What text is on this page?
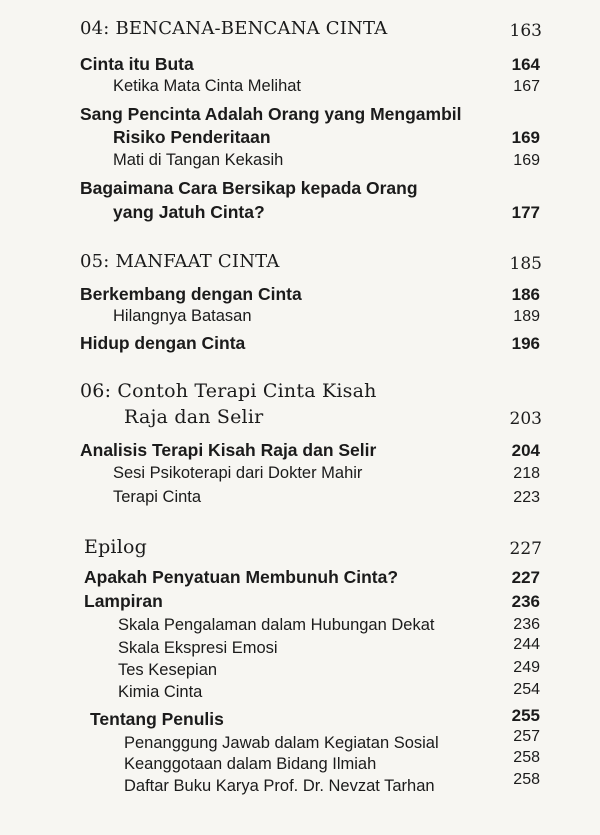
04: BENCANA-BENCANA CINTA	163
Cinta itu Buta	164
Ketika Mata Cinta Melihat	167
Sang Pencinta Adalah Orang yang Mengambil
Risiko Penderitaan	169
Mati di Tangan Kekasih	169
Bagaimana Cara Bersikap kepada Orang
yang Jatuh Cinta?	177
05: MANFAAT CINTA	185
Berkembang dengan Cinta	186
Hilangnya Batasan	189
Hidup dengan Cinta	196
06: Contoh Terapi Cinta Kisah
Raja dan Selir	203
Analisis Terapi Kisah Raja dan Selir	204
Sesi Psikoterapi dari Dokter Mahir	218
Terapi Cinta	223
Epilog	227
Apakah Penyatuan Membunuh Cinta?	227
Lampiran	236
Skala Pengalaman dalam Hubungan Dekat	236
Skala Ekspresi Emosi	244
Tes Kesepian	249
Kimia Cinta	254
Tentang Penulis	255
Penanggung Jawab dalam Kegiatan Sosial	257
Keanggotaan dalam Bidang Ilmiah	258
Daftar Buku Karya Prof. Dr. Nevzat Tarhan	258
